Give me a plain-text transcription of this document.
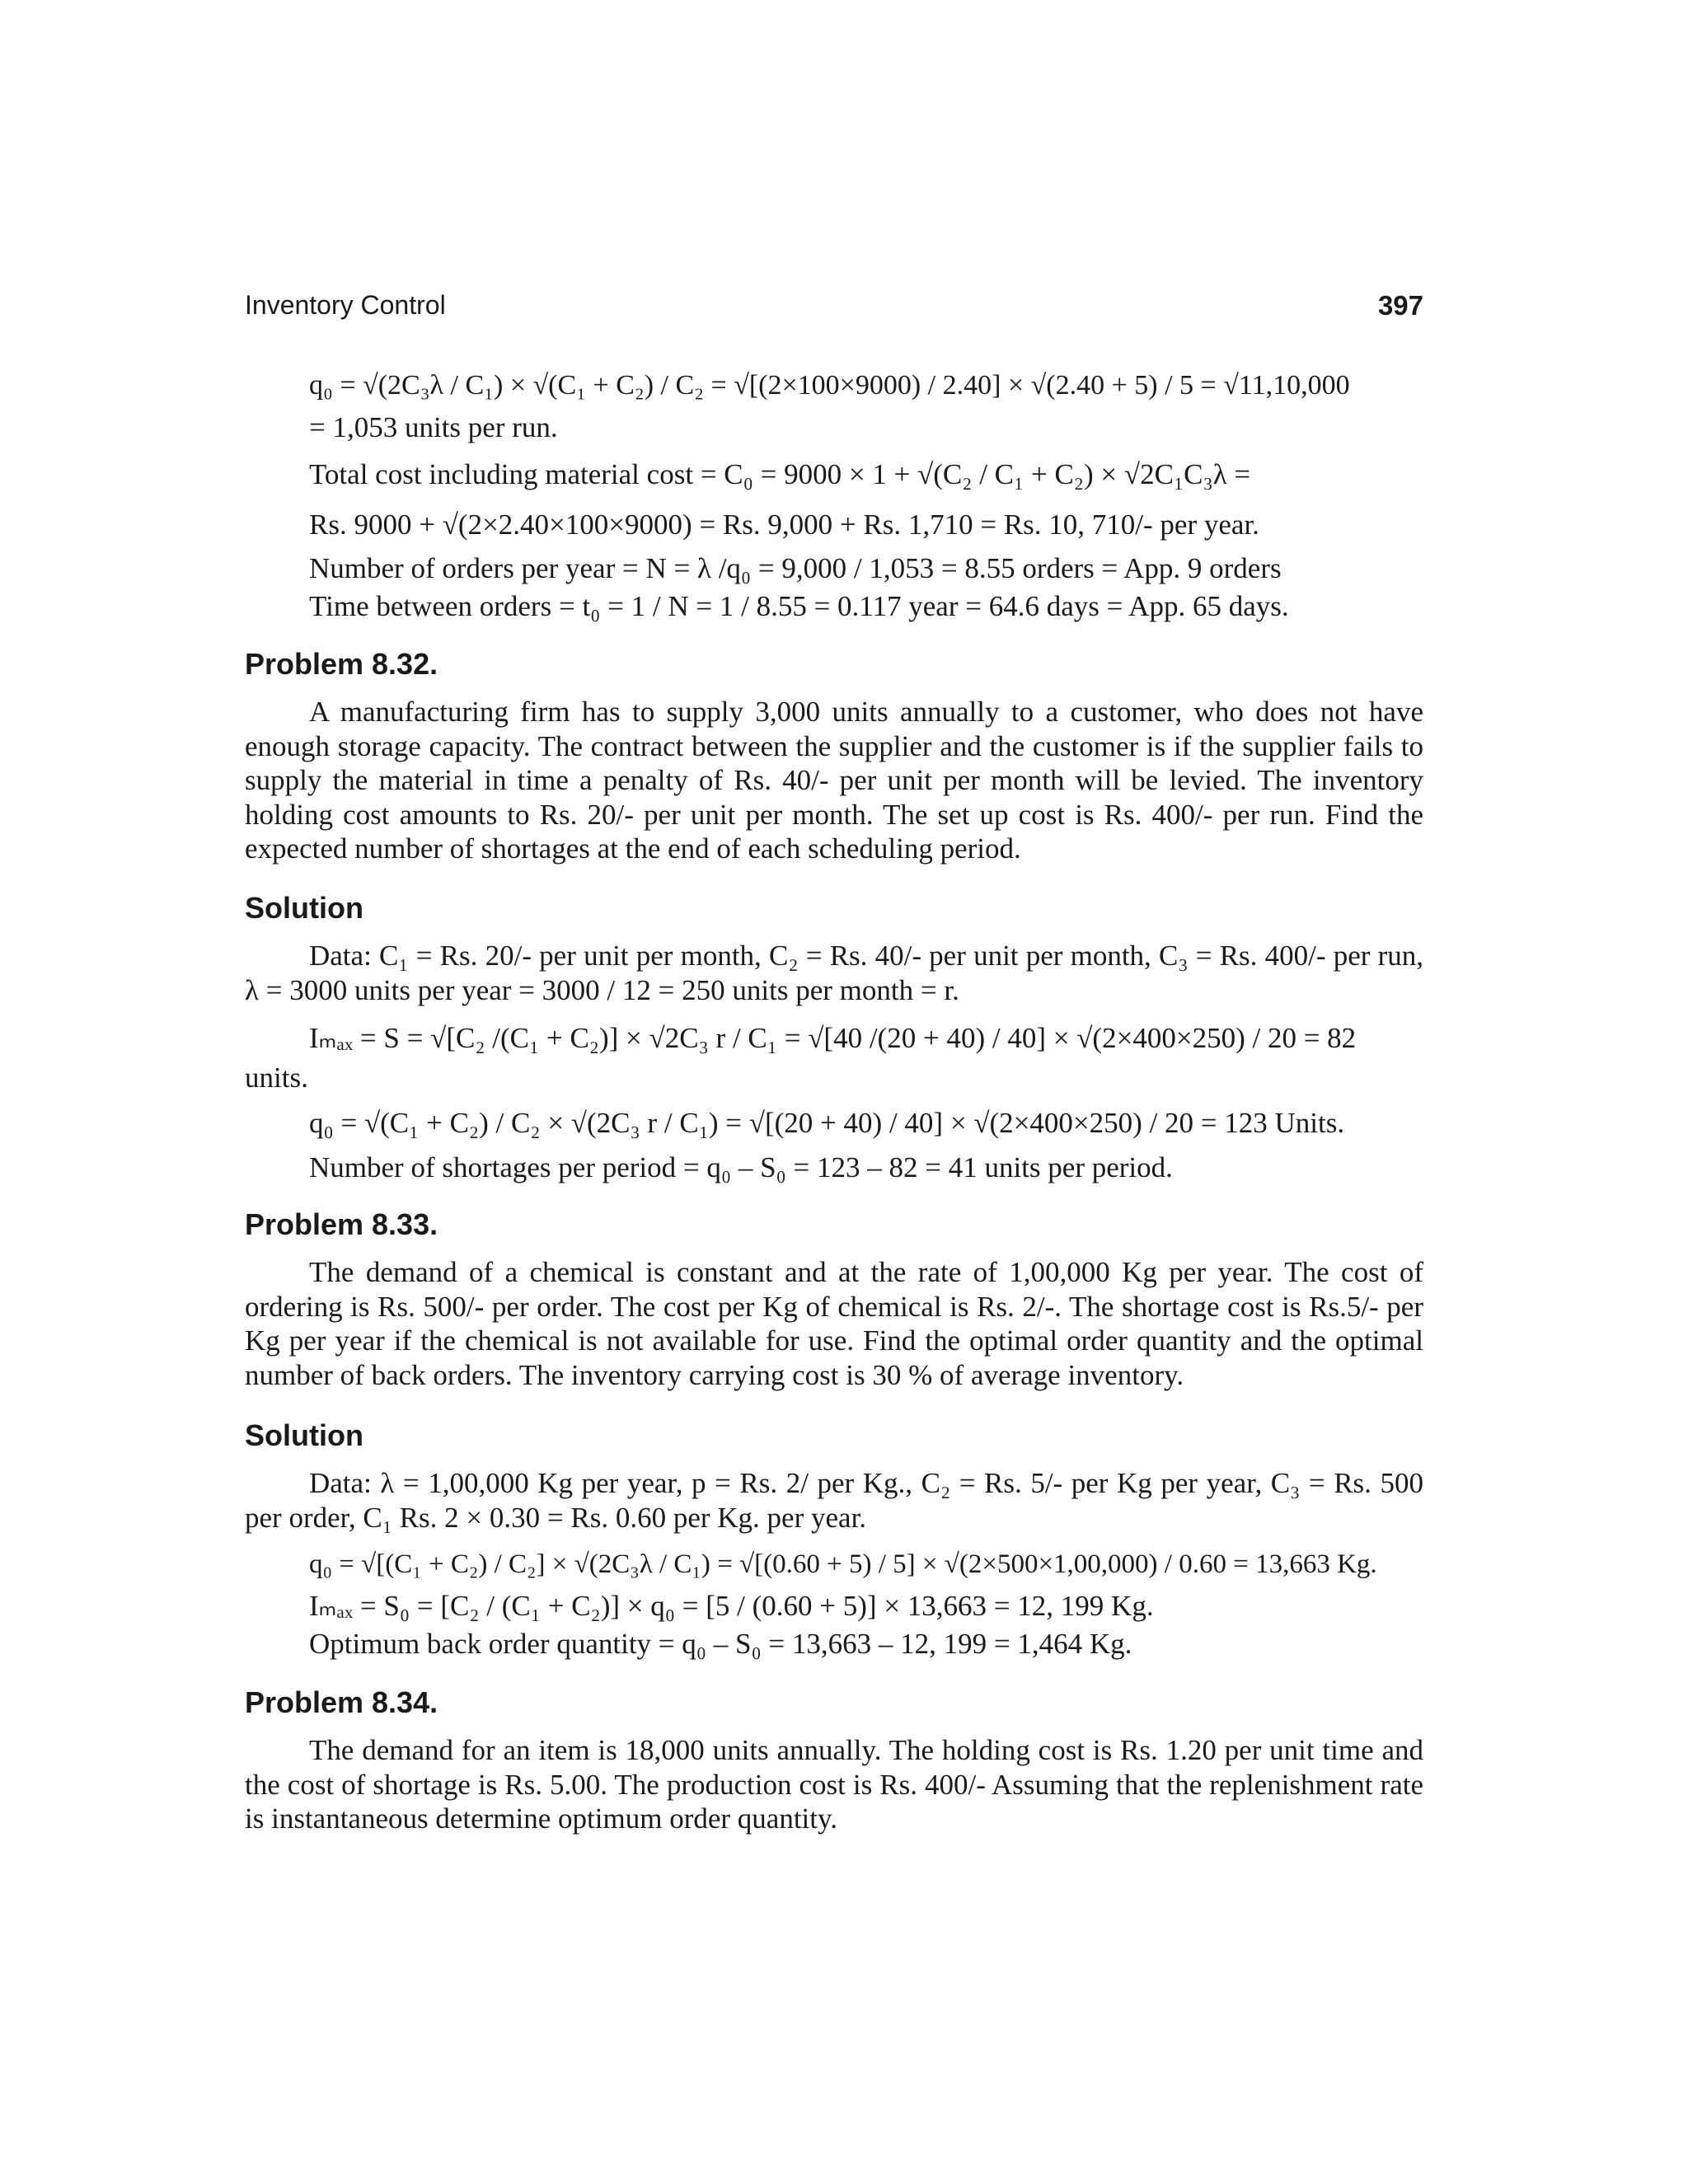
Inventory Control	397
q₀ = √(2C₃λ / C₁) × √(C₁ + C₂) / C₂ = √[(2×100×9000) / 2.40] × √(2.40 + 5) / 5 = √11,10,000
= 1,053 units per run.
Total cost including material cost = C₀ = 9000 × 1 + √(C₂ / C₁ + C₂) × √2C₁C₃λ =
Rs. 9000 + √(2×2.40×100×9000) = Rs. 9,000 + Rs. 1,710 = Rs. 10, 710/- per year.
Number of orders per year = N = λ /q₀ = 9,000 / 1,053 = 8.55 orders = App. 9 orders
Time between orders = t₀ = 1 / N = 1 / 8.55 = 0.117 year = 64.6 days = App. 65 days.
Problem 8.32.
A manufacturing firm has to supply 3,000 units annually to a customer, who does not have enough storage capacity. The contract between the supplier and the customer is if the supplier fails to supply the material in time a penalty of Rs. 40/- per unit per month will be levied. The inventory holding cost amounts to Rs. 20/- per unit per month. The set up cost is Rs. 400/- per run. Find the expected number of shortages at the end of each scheduling period.
Solution
Data: C₁ = Rs. 20/- per unit per month, C₂ = Rs. 40/- per unit per month, C₃ = Rs. 400/- per run, λ = 3000 units per year = 3000 / 12 = 250 units per month = r.
Iₘₐₓ = S = √[C₂ /(C₁ + C₂)] × √2C₃ r / C₁ = √[40 /(20 + 40) / 40] × √(2×400×250) / 20 = 82
units.
q₀ = √(C₁ + C₂) / C₂ × √(2C₃ r / C₁) = √[(20 + 40) / 40] × √(2×400×250) / 20 = 123 Units.
Number of shortages per period = q₀ – S₀ = 123 – 82 = 41 units per period.
Problem 8.33.
The demand of a chemical is constant and at the rate of 1,00,000 Kg per year. The cost of ordering is Rs. 500/- per order. The cost per Kg of chemical is Rs. 2/-. The shortage cost is Rs.5/- per Kg per year if the chemical is not available for use. Find the optimal order quantity and the optimal number of back orders. The inventory carrying cost is 30 % of average inventory.
Solution
Data: λ = 1,00,000 Kg per year, p = Rs. 2/ per Kg., C₂ = Rs. 5/- per Kg per year, C₃ = Rs. 500 per order, C₁ Rs. 2 × 0.30 = Rs. 0.60 per Kg. per year.
q₀ = √[(C₁ + C₂) / C₂] × √(2C₃λ / C₁) = √[(0.60 + 5) / 5] × √(2×500×1,00,000) / 0.60 = 13,663 Kg.
Iₘₐₓ = S₀ = [C₂ / (C₁ + C₂)] × q₀ = [5 / (0.60 + 5)] × 13,663 = 12, 199 Kg.
Optimum back order quantity = q₀ – S₀ = 13,663 – 12, 199 = 1,464 Kg.
Problem 8.34.
The demand for an item is 18,000 units annually. The holding cost is Rs. 1.20 per unit time and the cost of shortage is Rs. 5.00. The production cost is Rs. 400/- Assuming that the replenishment rate is instantaneous determine optimum order quantity.
